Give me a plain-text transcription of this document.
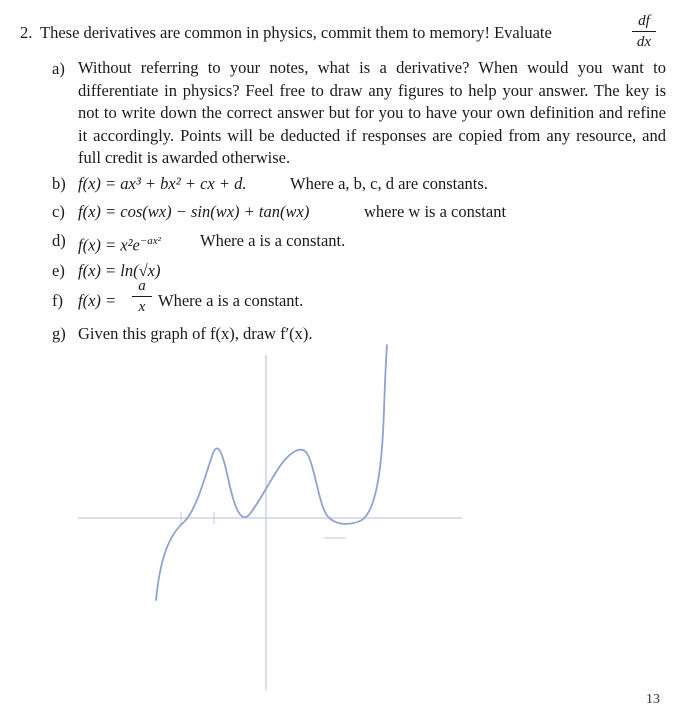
2. These derivatives are common in physics, commit them to memory! Evaluate
df
dx
a) Without referring to your notes, what is a derivative? When would you want to differentiate in physics? Feel free to draw any figures to help your answer. The key is not to write down the correct answer but for you to have your own definition and refine it accordingly. Points will be deducted if responses are copied from any resource, and full credit is awarded otherwise.
b) f(x) = ax³ + bx² + cx + d.	Where a, b, c, d are constants.
c) f(x) = cos(wx) − sin(wx) + tan(wx)	where w is a constant
d) $f(x) = x^2e^{-ax^2}$ Where a is a constant.
e) f(x) = ln(√x)
f) f(x) =
a
x Where a is a constant.
g) Given this graph of f(x), draw f′(x).
13
